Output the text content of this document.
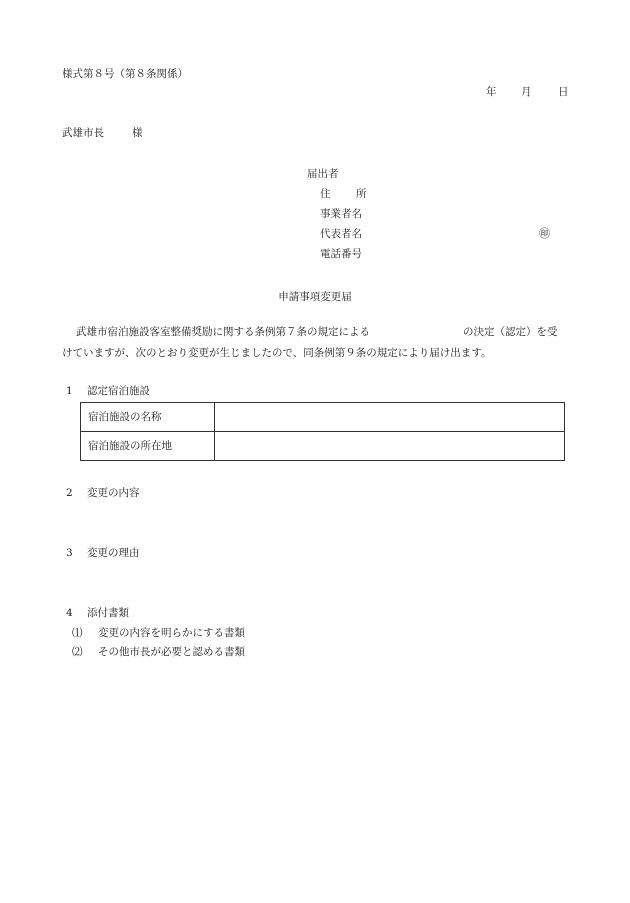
様式第８号（第８条関係）
年 月	日
武雄市長	様
届出者
住 所
事業者名
代表者名	㊞
電話番号
申請事項変更届
武雄市宿泊施設客室整備奨励に関する条例第７条の規定による	の決定（認定）を受
けていますが、次のとおり変更が生じましたので、同条例第９条の規定により届け出ます。
1 認定宿泊施設
宿泊施設の名称	
宿泊施設の所在地	
2 変更の内容
3 変更の理由
4 添付書類
⑴ 変更の内容を明らかにする書類
⑵ その他市長が必要と認める書類
